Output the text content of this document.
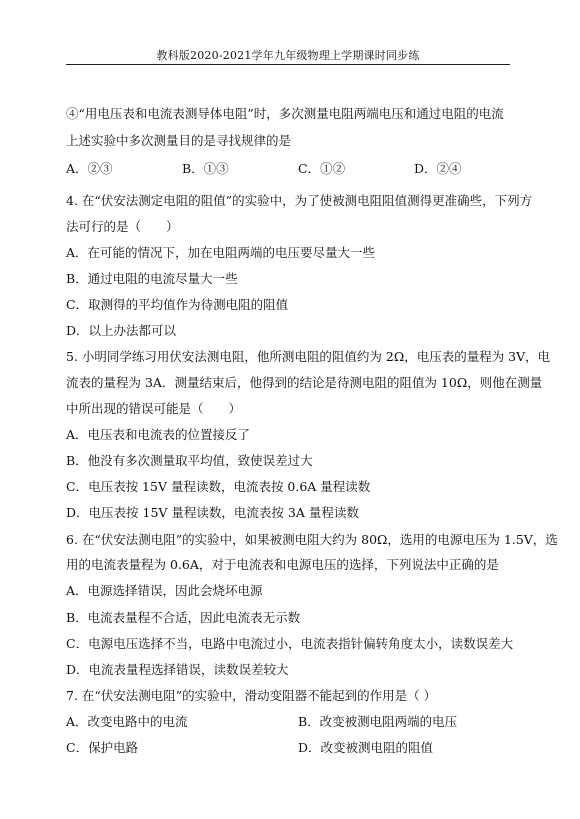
教科版2020-2021学年九年级物理上学期课时同步练
④“用电压表和电流表测导体电阻”时，多次测量电阻两端电压和通过电阻的电流
上述实验中多次测量目的是寻找规律的是
A．②③	B．①③	C．①②	D．②④
4. 在“伏安法测定电阻的阻值”的实验中，为了使被测电阻阻值测得更准确些，下列方
法可行的是（　　）
A．在可能的情况下，加在电阻两端的电压要尽量大一些
B．通过电阻的电流尽量大一些
C．取测得的平均值作为待测电阻的阻值
D．以上办法都可以
5. 小明同学练习用伏安法测电阻，他所测电阻的阻值约为 2Ω，电压表的量程为 3V，电
流表的量程为 3A．测量结束后，他得到的结论是待测电阻的阻值为 10Ω，则他在测量
中所出现的错误可能是（　　）
A．电压表和电流表的位置接反了
B．他没有多次测量取平均值，致使误差过大
C．电压表按 15V 量程读数，电流表按 0.6A 量程读数
D．电压表按 15V 量程读数，电流表按 3A 量程读数
6. 在“伏安法测电阻”的实验中，如果被测电阻大约为 80Ω，选用的电源电压为 1.5V，选
用的电流表量程为 0.6A，对于电流表和电源电压的选择，下列说法中正确的是
A．电源选择错误，因此会烧坏电源
B．电流表量程不合适，因此电流表无示数
C．电源电压选择不当，电路中电流过小，电流表指针偏转角度太小，读数误差大
D．电流表量程选择错误，读数误差较大
7. 在“伏安法测电阻”的实验中，滑动变阻器不能起到的作用是（ ）
A．改变电路中的电流	B．改变被测电阻两端的电压
C．保护电路	D．改变被测电阻的阻值
